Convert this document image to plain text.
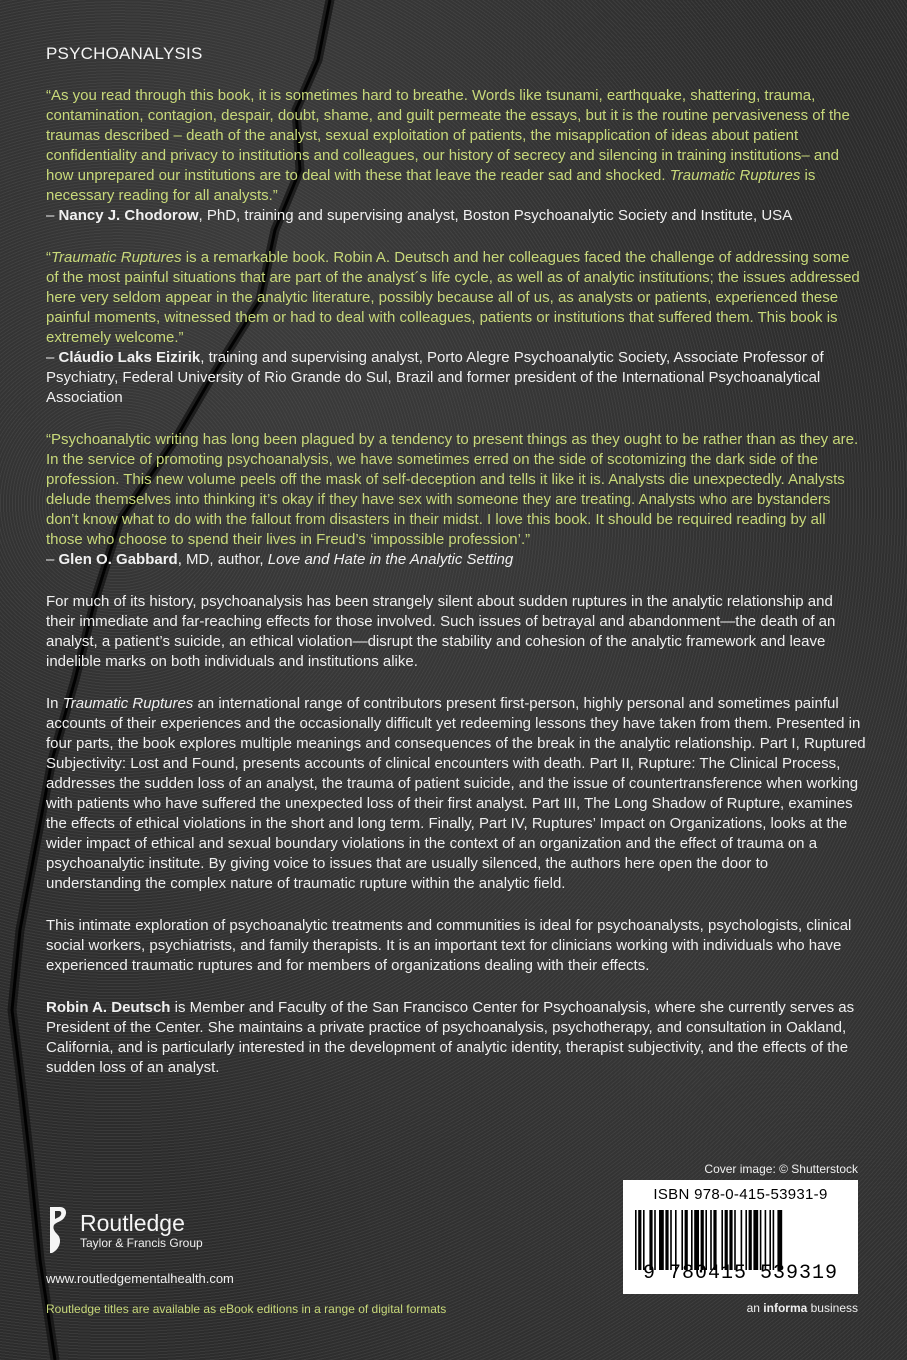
PSYCHOANALYSIS

“As you read through this book, it is sometimes hard to breathe. Words like tsunami, earthquake, shattering, trauma, contamination, contagion, despair, doubt, shame, and guilt permeate the essays, but it is the routine pervasiveness of the traumas described – death of the analyst, sexual exploitation of patients, the misapplication of ideas about patient confidentiality and privacy to institutions and colleagues, our history of secrecy and silencing in training institutions– and how unprepared our institutions are to deal with these that leave the reader sad and shocked. Traumatic Ruptures is necessary reading for all analysts.”

– Nancy J. Chodorow, PhD, training and supervising analyst, Boston Psychoanalytic Society and Institute, USA

“Traumatic Ruptures is a remarkable book. Robin A. Deutsch and her colleagues faced the challenge of addressing some of the most painful situations that are part of the analyst´s life cycle, as well as of analytic institutions; the issues addressed here very seldom appear in the analytic literature, possibly because all of us, as analysts or patients, experienced these painful moments, witnessed them or had to deal with colleagues, patients or institutions that suffered them. This book is extremely welcome.”

– Cláudio Laks Eizirik, training and supervising analyst, Porto Alegre Psychoanalytic Society, Associate Professor of Psychiatry, Federal University of Rio Grande do Sul, Brazil and former president of the International Psychoanalytical Association

“Psychoanalytic writing has long been plagued by a tendency to present things as they ought to be rather than as they are. In the service of promoting psychoanalysis, we have sometimes erred on the side of scotomizing the dark side of the profession. This new volume peels off the mask of self-deception and tells it like it is. Analysts die unexpectedly. Analysts delude themselves into thinking it’s okay if they have sex with someone they are treating. Analysts who are bystanders don’t know what to do with the fallout from disasters in their midst. I love this book. It should be required reading by all those who choose to spend their lives in Freud’s ‘impossible profession’.”

– Glen O. Gabbard, MD, author, Love and Hate in the Analytic Setting

For much of its history, psychoanalysis has been strangely silent about sudden ruptures in the analytic relationship and their immediate and far-reaching effects for those involved. Such issues of betrayal and abandonment—the death of an analyst, a patient’s suicide, an ethical violation—disrupt the stability and cohesion of the analytic framework and leave indelible marks on both individuals and institutions alike.

In Traumatic Ruptures an international range of contributors present first-person, highly personal and sometimes painful accounts of their experiences and the occasionally difficult yet redeeming lessons they have taken from them. Presented in four parts, the book explores multiple meanings and consequences of the break in the analytic relationship. Part I, Ruptured Subjectivity: Lost and Found, presents accounts of clinical encounters with death. Part II, Rupture: The Clinical Process, addresses the sudden loss of an analyst, the trauma of patient suicide, and the issue of countertransference when working with patients who have suffered the unexpected loss of their first analyst. Part III, The Long Shadow of Rupture, examines the effects of ethical violations in the short and long term. Finally, Part IV, Ruptures’ Impact on Organizations, looks at the wider impact of ethical and sexual boundary violations in the context of an organization and the effect of trauma on a psychoanalytic institute. By giving voice to issues that are usually silenced, the authors here open the door to understanding the complex nature of traumatic rupture within the analytic field.

This intimate exploration of psychoanalytic treatments and communities is ideal for psychoanalysts, psychologists, clinical social workers, psychiatrists, and family therapists. It is an important text for clinicians working with individuals who have experienced traumatic ruptures and for members of organizations dealing with their effects.

Robin A. Deutsch is Member and Faculty of the San Francisco Center for Psychoanalysis, where she currently serves as President of the Center. She maintains a private practice of psychoanalysis, psychotherapy, and consultation in Oakland, California, and is particularly interested in the development of analytic identity, therapist subjectivity, and the effects of the sudden loss of an analyst.

Routledge
Taylor & Francis Group
www.routledgementalhealth.com
Routledge titles are available as eBook editions in a range of digital formats
Cover image: © Shutterstock
ISBN 978-0-415-53931-9
9 780415 539319
an informa business
